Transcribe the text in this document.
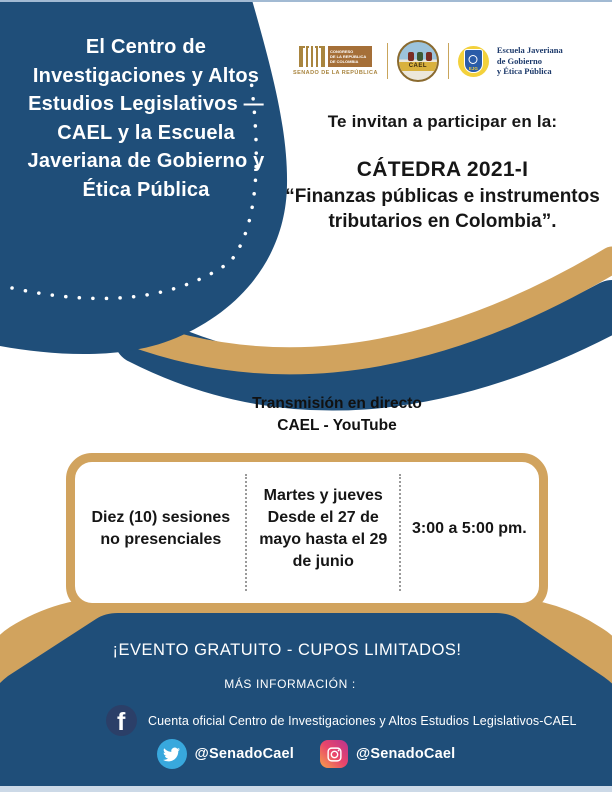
El Centro de
Investigaciones y Altos
Estudios Legislativos —
CAEL y la Escuela
Javeriana de Gobierno y
Ética Pública
CONGRESO
DE LA REPÚBLICA
DE COLOMBIA
SENADO DE LA REPÚBLICA
CAEL	EJG
Escuela Javeriana
de Gobierno
y Ética Pública
Te invitan a participar en la:
CÁTEDRA 2021-I
“Finanzas públicas e instrumentos
tributarios en Colombia”.
Transmisión en directo
CAEL - YouTube
Diez (10) sesiones
no presenciales
Martes y jueves
Desde el 27 de
mayo hasta el 29
de junio
3:00 a 5:00 pm.
¡EVENTO GRATUITO - CUPOS LIMITADOS!
MÁS INFORMACIÓN :
f Cuenta oficial Centro de Investigaciones y Altos Estudios Legislativos-CAEL
@SenadoCael	@SenadoCael
